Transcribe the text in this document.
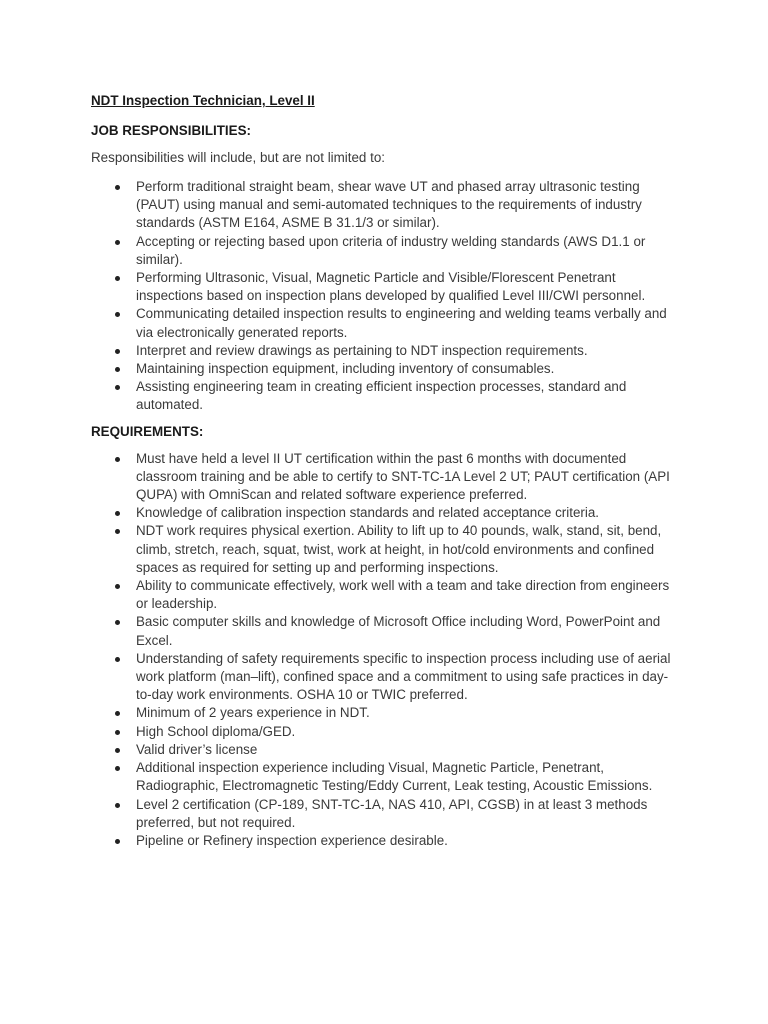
NDT Inspection Technician, Level II

JOB RESPONSIBILITIES:

Responsibilities will include, but are not limited to:

Perform traditional straight beam, shear wave UT and phased array ultrasonic testing (PAUT) using manual and semi-automated techniques to the requirements of industry standards (ASTM E164, ASME B 31.1/3 or similar).
Accepting or rejecting based upon criteria of industry welding standards (AWS D1.1 or similar).
Performing Ultrasonic, Visual, Magnetic Particle and Visible/Florescent Penetrant inspections based on inspection plans developed by qualified Level III/CWI personnel.
Communicating detailed inspection results to engineering and welding teams verbally and via electronically generated reports.
Interpret and review drawings as pertaining to NDT inspection requirements.
Maintaining inspection equipment, including inventory of consumables.
Assisting engineering team in creating efficient inspection processes, standard and automated.

REQUIREMENTS:

Must have held a level II UT certification within the past 6 months with documented classroom training and be able to certify to SNT-TC-1A Level 2 UT; PAUT certification (API QUPA) with OmniScan and related software experience preferred.
Knowledge of calibration inspection standards and related acceptance criteria.
NDT work requires physical exertion. Ability to lift up to 40 pounds, walk, stand, sit, bend, climb, stretch, reach, squat, twist, work at height, in hot/cold environments and confined spaces as required for setting up and performing inspections.
Ability to communicate effectively, work well with a team and take direction from engineers or leadership.
Basic computer skills and knowledge of Microsoft Office including Word, PowerPoint and Excel.
Understanding of safety requirements specific to inspection process including use of aerial work platform (man–lift), confined space and a commitment to using safe practices in day-to-day work environments. OSHA 10 or TWIC preferred.
Minimum of 2 years experience in NDT.
High School diploma/GED.
Valid driver’s license
Additional inspection experience including Visual, Magnetic Particle, Penetrant, Radiographic, Electromagnetic Testing/Eddy Current, Leak testing, Acoustic Emissions.
Level 2 certification (CP-189, SNT-TC-1A, NAS 410, API, CGSB) in at least 3 methods preferred, but not required.
Pipeline or Refinery inspection experience desirable.
